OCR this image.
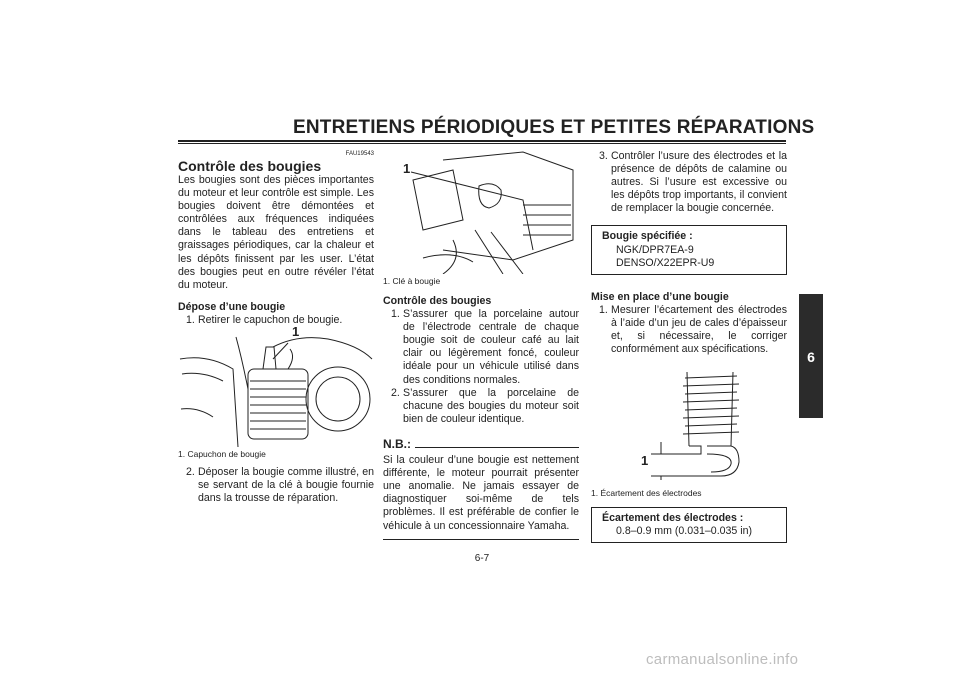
ENTRETIENS PÉRIODIQUES ET PETITES RÉPARATIONS
6
FAU19543
Contrôle des bougies

Les bougies sont des pièces importantes du moteur et leur contrôle est simple. Les bougies doivent être démontées et contrôlées aux fréquences indiquées dans le tableau des entretiens et graissages périodiques, car la chaleur et les dépôts finissent par les user. L’état des bougies peut en outre révéler l’état du moteur.

Dépose d’une bougie
1. Retirer le capuchon de bougie.
1
1. Capuchon de bougie
2. Déposer la bougie comme illustré, en se servant de la clé à bougie fournie dans la trousse de réparation.
1
1. Clé à bougie
Contrôle des bougies
1. S’assurer que la porcelaine autour de l’électrode centrale de chaque bougie soit de couleur café au lait clair ou légèrement foncé, couleur idéale pour un véhicule utilisé dans des conditions normales.
2. S’assurer que la porcelaine de chacune des bougies du moteur soit bien de couleur identique.
N.B.:

Si la couleur d’une bougie est nettement différente, le moteur pourrait présenter une anomalie. Ne jamais essayer de diagnostiquer soi-même de tels problèmes. Il est préférable de confier le véhicule à un concessionnaire Yamaha.

3. Contrôler l’usure des électrodes et la présence de dépôts de calamine ou autres. Si l’usure est excessive ou les dépôts trop importants, il convient de remplacer la bougie concernée.
Bougie spécifiée :
NGK/DPR7EA-9
DENSO/X22EPR-U9
Mise en place d’une bougie
1. Mesurer l’écartement des électrodes à l’aide d’un jeu de cales d’épaisseur et, si nécessaire, le corriger conformément aux spécifications.
1
1. Écartement des électrodes
Écartement des électrodes :
0.8–0.9 mm (0.031–0.035 in)
6-7
carmanualsonline.info
